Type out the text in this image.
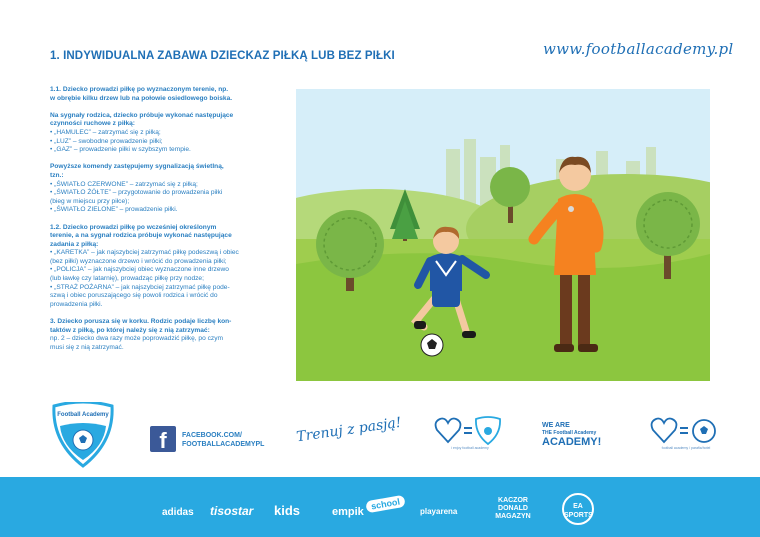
1. INDYWIDUALNA ZABAWA DZIECKAZ PIŁKĄ LUB BEZ PIŁKI	www.footballacademy.pl
1.1. Dziecko prowadzi piłkę po wyznaczonym terenie, np.
w obrębie kilku drzew lub na połowie osiedlowego boiska.
Na sygnały rodzica, dziecko próbuje wykonać następujące
czynności ruchowe z piłką:
• „HAMULEC” – zatrzymać się z piłką;
• „LUZ” – swobodne prowadzenie piłki;
• „GAZ” – prowadzenie piłki w szybszym tempie.
Powyższe komendy zastępujemy sygnalizacją świetlną,
tzn.:
• „ŚWIATŁO CZERWONE” – zatrzymać się z piłką;
• „ŚWIATŁO ŻÓŁTE” – przygotowanie do prowadzenia piłki
(bieg w miejscu przy piłce);
• „ŚWIATŁO ZIELONE” – prowadzenie piłki.
1.2. Dziecko prowadzi piłkę po wcześniej określonym
terenie, a na sygnał rodzica próbuje wykonać następujące
zadania z piłką:
• „KARETKA” – jak najszybciej zatrzymać piłkę podeszwą i obiec
(bez piłki) wyznaczone drzewo i wrócić do prowadzenia piłki;
• „POLICJA” – jak najszybciej obiec wyznaczone inne drzewo
(lub ławkę czy latarnię), prowadząc piłkę przy nodze;
• „STRAŻ POŻARNA” – jak najszybciej zatrzymać piłkę pode-
szwą i obiec poruszającego się powoli rodzica i wrócić do
prowadzenia piłki.
3. Dziecko porusza się w korku. Rodzic podaje liczbę kon-
taktów z piłką, po której należy się z nią zatrzymać:
np. 2 – dziecko dwa razy może poprowadzić piłkę, po czym
musi się z nią zatrzymać.
Football Academy
f	FACEBOOK.COM/
FOOTBALLACADEMYPL Trenuj z pasją!
i enjoy football academy
WE ARE
THE Football Academy
ACADEMY!	football academy / parafia/hotel
adidas tisostar kids	empik
school
playarena
KACZOR DONALD MAGAZYN
EA SPORTS
